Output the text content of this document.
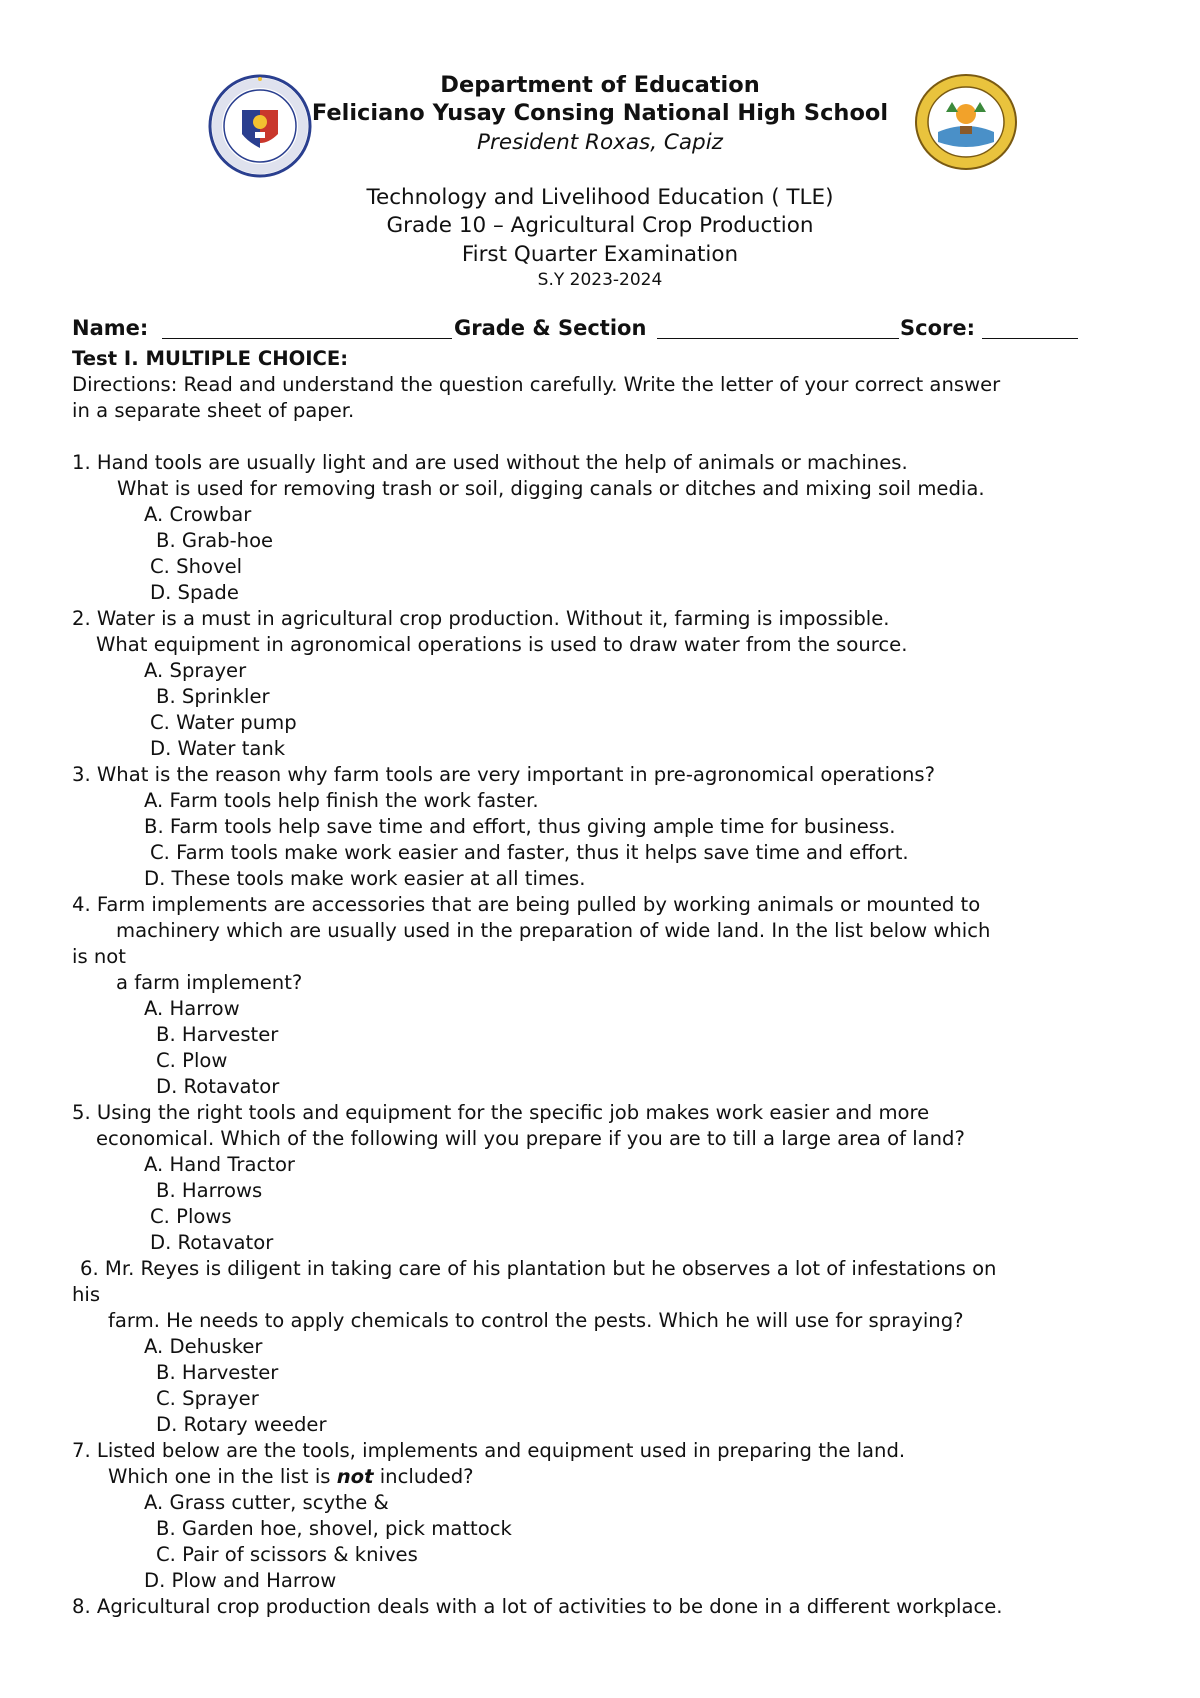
Department of Education
Feliciano Yusay Consing National High School
President Roxas, Capiz
Technology and Livelihood Education ( TLE)
Grade 10 – Agricultural Crop Production
First Quarter Examination
S.Y 2023-2024
Name:	Grade & Section	Score:
Test I. MULTIPLE CHOICE:
Directions: Read and understand the question carefully. Write the letter of your correct answer
in a separate sheet of paper.
1. Hand tools are usually light and are used without the help of animals or machines.
What is used for removing trash or soil, digging canals or ditches and mixing soil media.
A. Crowbar
B. Grab-hoe
C. Shovel
D. Spade
2. Water is a must in agricultural crop production. Without it, farming is impossible.
What equipment in agronomical operations is used to draw water from the source.
A. Sprayer
B. Sprinkler
C. Water pump
D. Water tank
3. What is the reason why farm tools are very important in pre-agronomical operations?
A. Farm tools help finish the work faster.
B. Farm tools help save time and effort, thus giving ample time for business.
C. Farm tools make work easier and faster, thus it helps save time and effort.
D. These tools make work easier at all times.
4. Farm implements are accessories that are being pulled by working animals or mounted to
machinery which are usually used in the preparation of wide land. In the list below which
is not
a farm implement?
A. Harrow
B. Harvester
C. Plow
D. Rotavator
5. Using the right tools and equipment for the specific job makes work easier and more
economical. Which of the following will you prepare if you are to till a large area of land?
A. Hand Tractor
B. Harrows
C. Plows
D. Rotavator
6. Mr. Reyes is diligent in taking care of his plantation but he observes a lot of infestations on
his
farm. He needs to apply chemicals to control the pests. Which he will use for spraying?
A. Dehusker
B. Harvester
C. Sprayer
D. Rotary weeder
7. Listed below are the tools, implements and equipment used in preparing the land.
Which one in the list is not included?
A. Grass cutter, scythe &
B. Garden hoe, shovel, pick mattock
C. Pair of scissors & knives
D. Plow and Harrow
8. Agricultural crop production deals with a lot of activities to be done in a different workplace.
